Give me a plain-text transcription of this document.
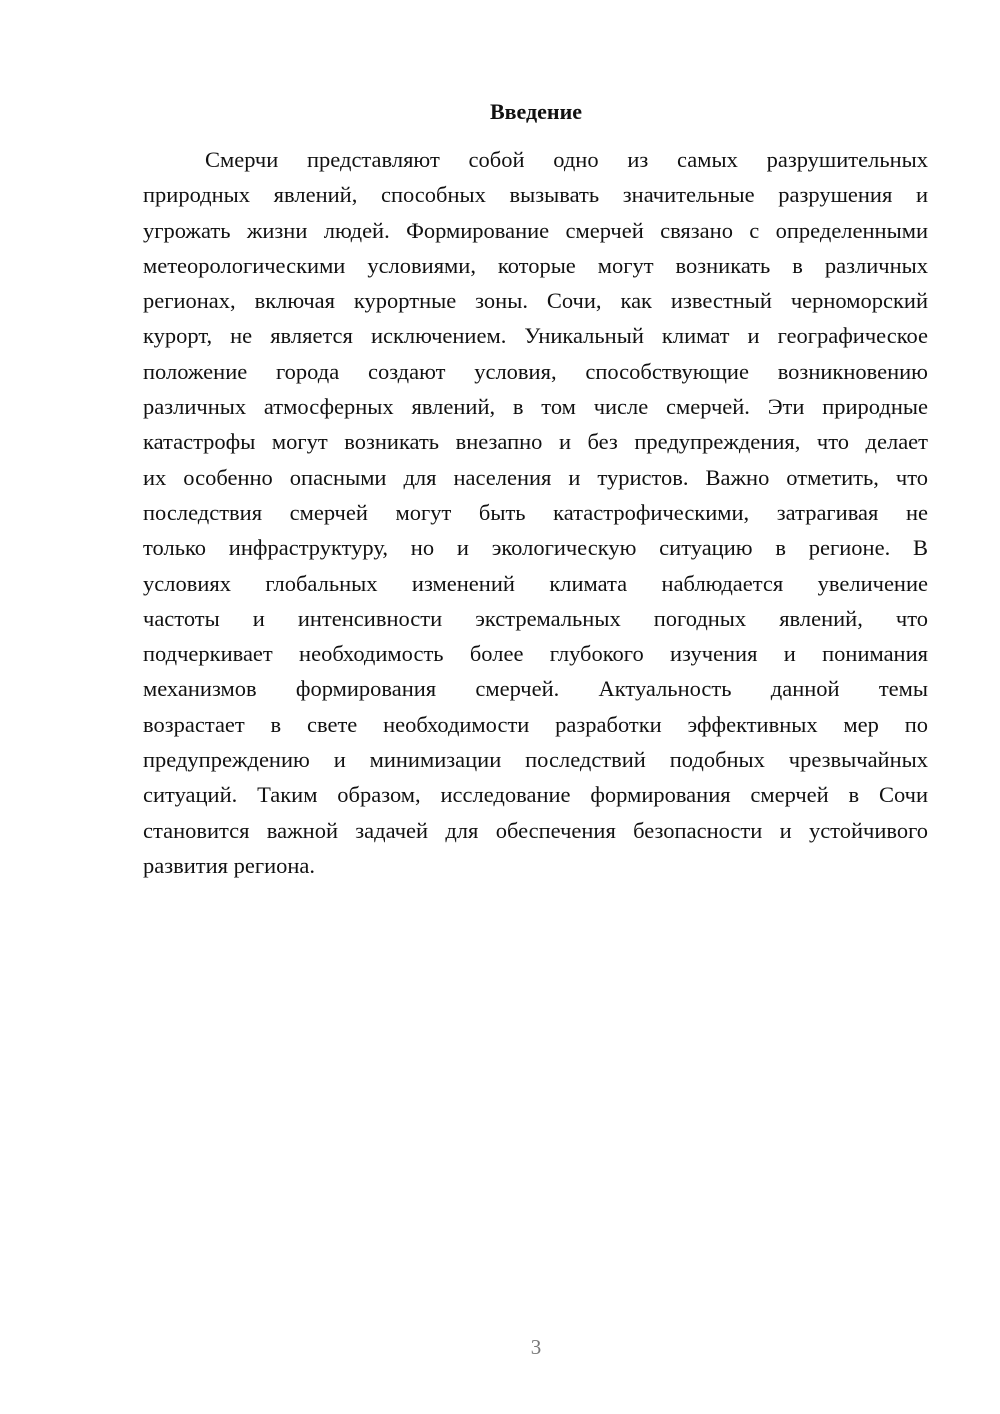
Введение
Смерчи представляют собой одно из самых разрушительных
природных явлений, способных вызывать значительные разрушения и
угрожать жизни людей. Формирование смерчей связано с определенными
метеорологическими условиями, которые могут возникать в различных
регионах, включая курортные зоны. Сочи, как известный черноморский
курорт, не является исключением. Уникальный климат и географическое
положение города создают условия, способствующие возникновению
различных атмосферных явлений, в том числе смерчей. Эти природные
катастрофы могут возникать внезапно и без предупреждения, что делает
их особенно опасными для населения и туристов. Важно отметить, что
последствия смерчей могут быть катастрофическими, затрагивая не
только инфраструктуру, но и экологическую ситуацию в регионе. В
условиях глобальных изменений климата наблюдается увеличение
частоты и интенсивности экстремальных погодных явлений, что
подчеркивает необходимость более глубокого изучения и понимания
механизмов формирования смерчей. Актуальность данной темы
возрастает в свете необходимости разработки эффективных мер по
предупреждению и минимизации последствий подобных чрезвычайных
ситуаций. Таким образом, исследование формирования смерчей в Сочи
становится важной задачей для обеспечения безопасности и устойчивого
развития региона.
3
